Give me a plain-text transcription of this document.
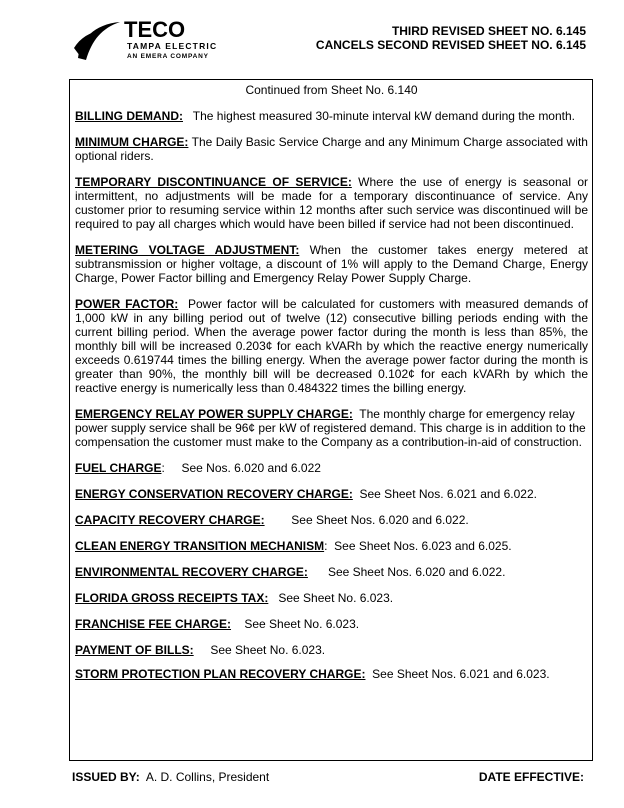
TECO
TAMPA ELECTRIC
AN EMERA COMPANY
THIRD REVISED SHEET NO. 6.145
CANCELS SECOND REVISED SHEET NO. 6.145
Continued from Sheet No. 6.140

BILLING DEMAND: The highest measured 30-minute interval kW demand during the month.

MINIMUM CHARGE: The Daily Basic Service Charge and any Minimum Charge associated with optional riders.

TEMPORARY DISCONTINUANCE OF SERVICE: Where the use of energy is seasonal or intermittent, no adjustments will be made for a temporary discontinuance of service. Any customer prior to resuming service within 12 months after such service was discontinued will be required to pay all charges which would have been billed if service had not been discontinued.

METERING VOLTAGE ADJUSTMENT: When the customer takes energy metered at subtransmission or higher voltage, a discount of 1% will apply to the Demand Charge, Energy Charge, Power Factor billing and Emergency Relay Power Supply Charge.

POWER FACTOR: Power factor will be calculated for customers with measured demands of 1,000 kW in any billing period out of twelve (12) consecutive billing periods ending with the current billing period. When the average power factor during the month is less than 85%, the monthly bill will be increased 0.203¢ for each kVARh by which the reactive energy numerically exceeds 0.619744 times the billing energy. When the average power factor during the month is greater than 90%, the monthly bill will be decreased 0.102¢ for each kVARh by which the reactive energy is numerically less than 0.484322 times the billing energy.

EMERGENCY RELAY POWER SUPPLY CHARGE: The monthly charge for emergency relay power supply service shall be 96¢ per kW of registered demand. This charge is in addition to the compensation the customer must make to the Company as a contribution-in-aid of construction.

FUEL CHARGE:     See Nos. 6.020 and 6.022

ENERGY CONSERVATION RECOVERY CHARGE: See Sheet Nos. 6.021 and 6.022.

CAPACITY RECOVERY CHARGE: See Sheet Nos. 6.020 and 6.022.

CLEAN ENERGY TRANSITION MECHANISM:  See Sheet Nos. 6.023 and 6.025.

ENVIRONMENTAL RECOVERY CHARGE: See Sheet Nos. 6.020 and 6.022.

FLORIDA GROSS RECEIPTS TAX: See Sheet No. 6.023.

FRANCHISE FEE CHARGE: See Sheet No. 6.023.

PAYMENT OF BILLS: See Sheet No. 6.023.

STORM PROTECTION PLAN RECOVERY CHARGE: See Sheet Nos. 6.021 and 6.023.

ISSUED BY: A. D. Collins, President	DATE EFFECTIVE:
